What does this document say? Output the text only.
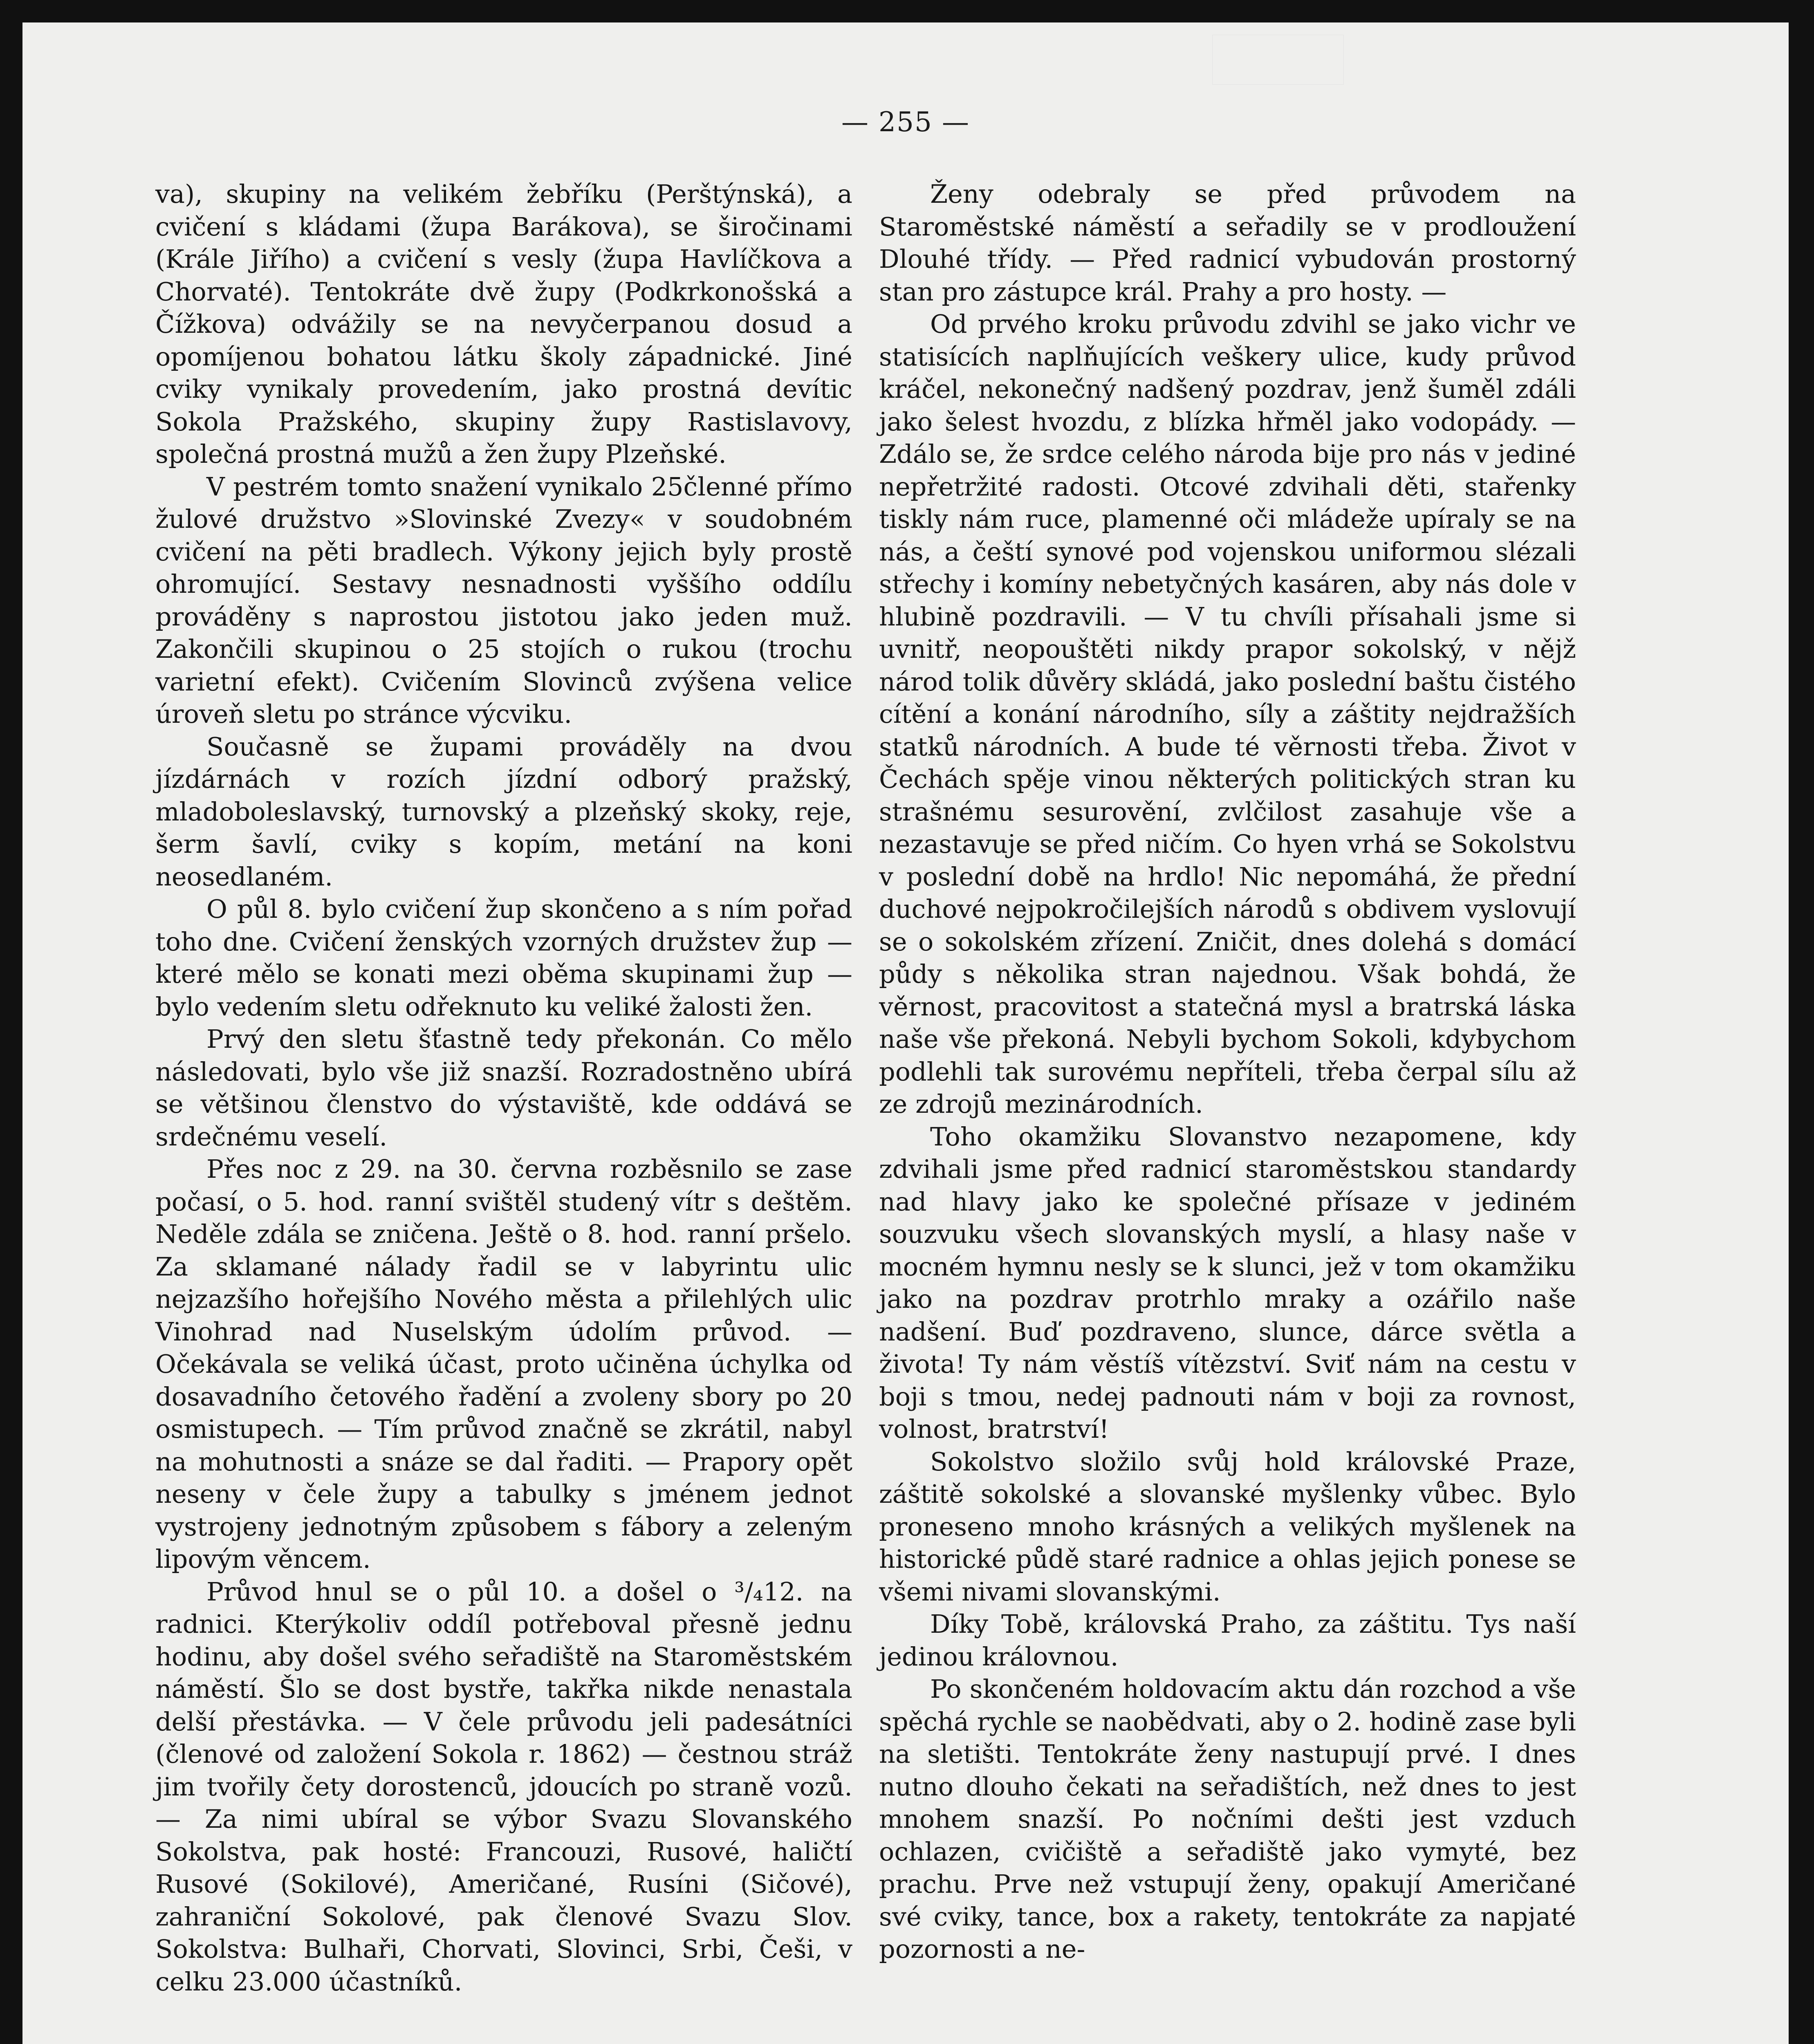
— 255 —

va), skupiny na velikém žebříku (Perštýnská), a cvičení s kládami (župa Barákova), se širočinami (Krále Jiřího) a cvičení s vesly (župa Havlíčkova a Chorvaté). Tentokráte dvě župy (Podkrkonošská a Čížkova) odvážily se na nevyčerpanou dosud a opomíjenou bohatou látku školy západnické. Jiné cviky vynikaly provedením, jako prostná devític Sokola Pražského, skupiny župy Rastislavovy, společná prostná mužů a žen župy Plzeňské.

V pestrém tomto snažení vynikalo 25členné přímo žulové družstvo »Slovinské Zvezy« v soudobném cvičení na pěti bradlech. Výkony jejich byly prostě ohromující. Sestavy nesnadnosti vyššího oddílu prováděny s naprostou jistotou jako jeden muž. Zakončili skupinou o 25 stojích o rukou (trochu varietní efekt). Cvičením Slovinců zvýšena velice úroveň sletu po stránce výcviku.

Současně se župami prováděly na dvou jízdárnách v rozích jízdní odborý pražský, mladoboleslavský, turnovský a plzeňský skoky, reje, šerm šavlí, cviky s kopím, metání na koni neosedlaném.

O půl 8. bylo cvičení žup skončeno a s ním pořad toho dne. Cvičení ženských vzorných družstev žup — které mělo se konati mezi oběma skupinami žup — bylo vedením sletu odřeknuto ku veliké žalosti žen.

Prvý den sletu šťastně tedy překonán. Co mělo následovati, bylo vše již snazší. Rozradostněno ubírá se většinou členstvo do výstaviště, kde oddává se srdečnému veselí.

Přes noc z 29. na 30. června rozběsnilo se zase počasí, o 5. hod. ranní svištěl studený vítr s deštěm. Neděle zdála se zničena. Ještě o 8. hod. ranní pršelo. Za sklamané nálady řadil se v labyrintu ulic nejzazšího hořejšího Nového města a přilehlých ulic Vinohrad nad Nuselským údolím průvod. — Očekávala se veliká účast, proto učiněna úchylka od dosavadního četového řadění a zvoleny sbory po 20 osmistupech. — Tím průvod značně se zkrátil, nabyl na mohutnosti a snáze se dal řaditi. — Prapory opět neseny v čele župy a tabulky s jménem jednot vystrojeny jednotným způsobem s fábory a zeleným lipovým věncem.

Průvod hnul se o půl 10. a došel o ³/₄12. na radnici. Kterýkoliv oddíl potřeboval přesně jednu hodinu, aby došel svého seřadiště na Staroměstském náměstí. Šlo se dost bystře, takřka nikde nenastala delší přestávka. — V čele průvodu jeli padesátníci (členové od založení Sokola r. 1862) — čestnou stráž jim tvořily čety dorostenců, jdoucích po straně vozů. — Za nimi ubíral se výbor Svazu Slovanského Sokolstva, pak hosté: Francouzi, Rusové, haličtí Rusové (Sokilové), Američané, Rusíni (Sičové), zahraniční Sokolové, pak členové Svazu Slov. Sokolstva: Bulhaři, Chorvati, Slovinci, Srbi, Češi, v celku 23.000 účastníků.

Ženy odebraly se před průvodem na Staroměstské náměstí a seřadily se v prodloužení Dlouhé třídy. — Před radnicí vybudován prostorný stan pro zástupce král. Prahy a pro hosty. —

Od prvého kroku průvodu zdvihl se jako vichr ve statisících naplňujících veškery ulice, kudy průvod kráčel, nekonečný nadšený pozdrav, jenž šuměl zdáli jako šelest hvozdu, z blízka hřměl jako vodopády. — Zdálo se, že srdce celého národa bije pro nás v jediné nepřetržité radosti. Otcové zdvihali děti, stařenky tiskly nám ruce, plamenné oči mládeže upíraly se na nás, a čeští synové pod vojenskou uniformou slézali střechy i komíny nebetyčných kasáren, aby nás dole v hlubině pozdravili. — V tu chvíli přísahali jsme si uvnitř, neopouštěti nikdy prapor sokolský, v nějž národ tolik důvěry skládá, jako poslední baštu čistého cítění a konání národního, síly a záštity nejdražších statků národních. A bude té věrnosti třeba. Život v Čechách spěje vinou některých politických stran ku strašnému sesurovění, zvlčilost zasahuje vše a nezastavuje se před ničím. Co hyen vrhá se Sokolstvu v poslední době na hrdlo! Nic nepomáhá, že přední duchové nejpokročilejších národů s obdivem vyslovují se o sokolském zřízení. Zničit, dnes dolehá s domácí půdy s několika stran najednou. Však bohdá, že věrnost, pracovitost a statečná mysl a bratrská láska naše vše překoná. Nebyli bychom Sokoli, kdybychom podlehli tak surovému nepříteli, třeba čerpal sílu až ze zdrojů mezinárodních.

Toho okamžiku Slovanstvo nezapomene, kdy zdvihali jsme před radnicí staroměstskou standardy nad hlavy jako ke společné přísaze v jediném souzvuku všech slovanských myslí, a hlasy naše v mocném hymnu nesly se k slunci, jež v tom okamžiku jako na pozdrav protrhlo mraky a ozářilo naše nadšení. Buď pozdraveno, slunce, dárce světla a života! Ty nám věstíš vítězství. Sviť nám na cestu v boji s tmou, nedej padnouti nám v boji za rovnost, volnost, bratrství!

Sokolstvo složilo svůj hold královské Praze, záštitě sokolské a slovanské myšlenky vůbec. Bylo proneseno mnoho krásných a velikých myšlenek na historické půdě staré radnice a ohlas jejich ponese se všemi nivami slovanskými.

Díky Tobě, královská Praho, za záštitu. Tys naší jedinou královnou.

Po skončeném holdovacím aktu dán rozchod a vše spěchá rychle se naobědvati, aby o 2. hodině zase byli na sletišti. Tentokráte ženy nastupují prvé. I dnes nutno dlouho čekati na seřadištích, než dnes to jest mnohem snazší. Po nočními dešti jest vzduch ochlazen, cvičiště a seřadiště jako vymyté, bez prachu. Prve než vstupují ženy, opakují Američané své cviky, tance, box a rakety, tentokráte za napjaté pozornosti a ne-
